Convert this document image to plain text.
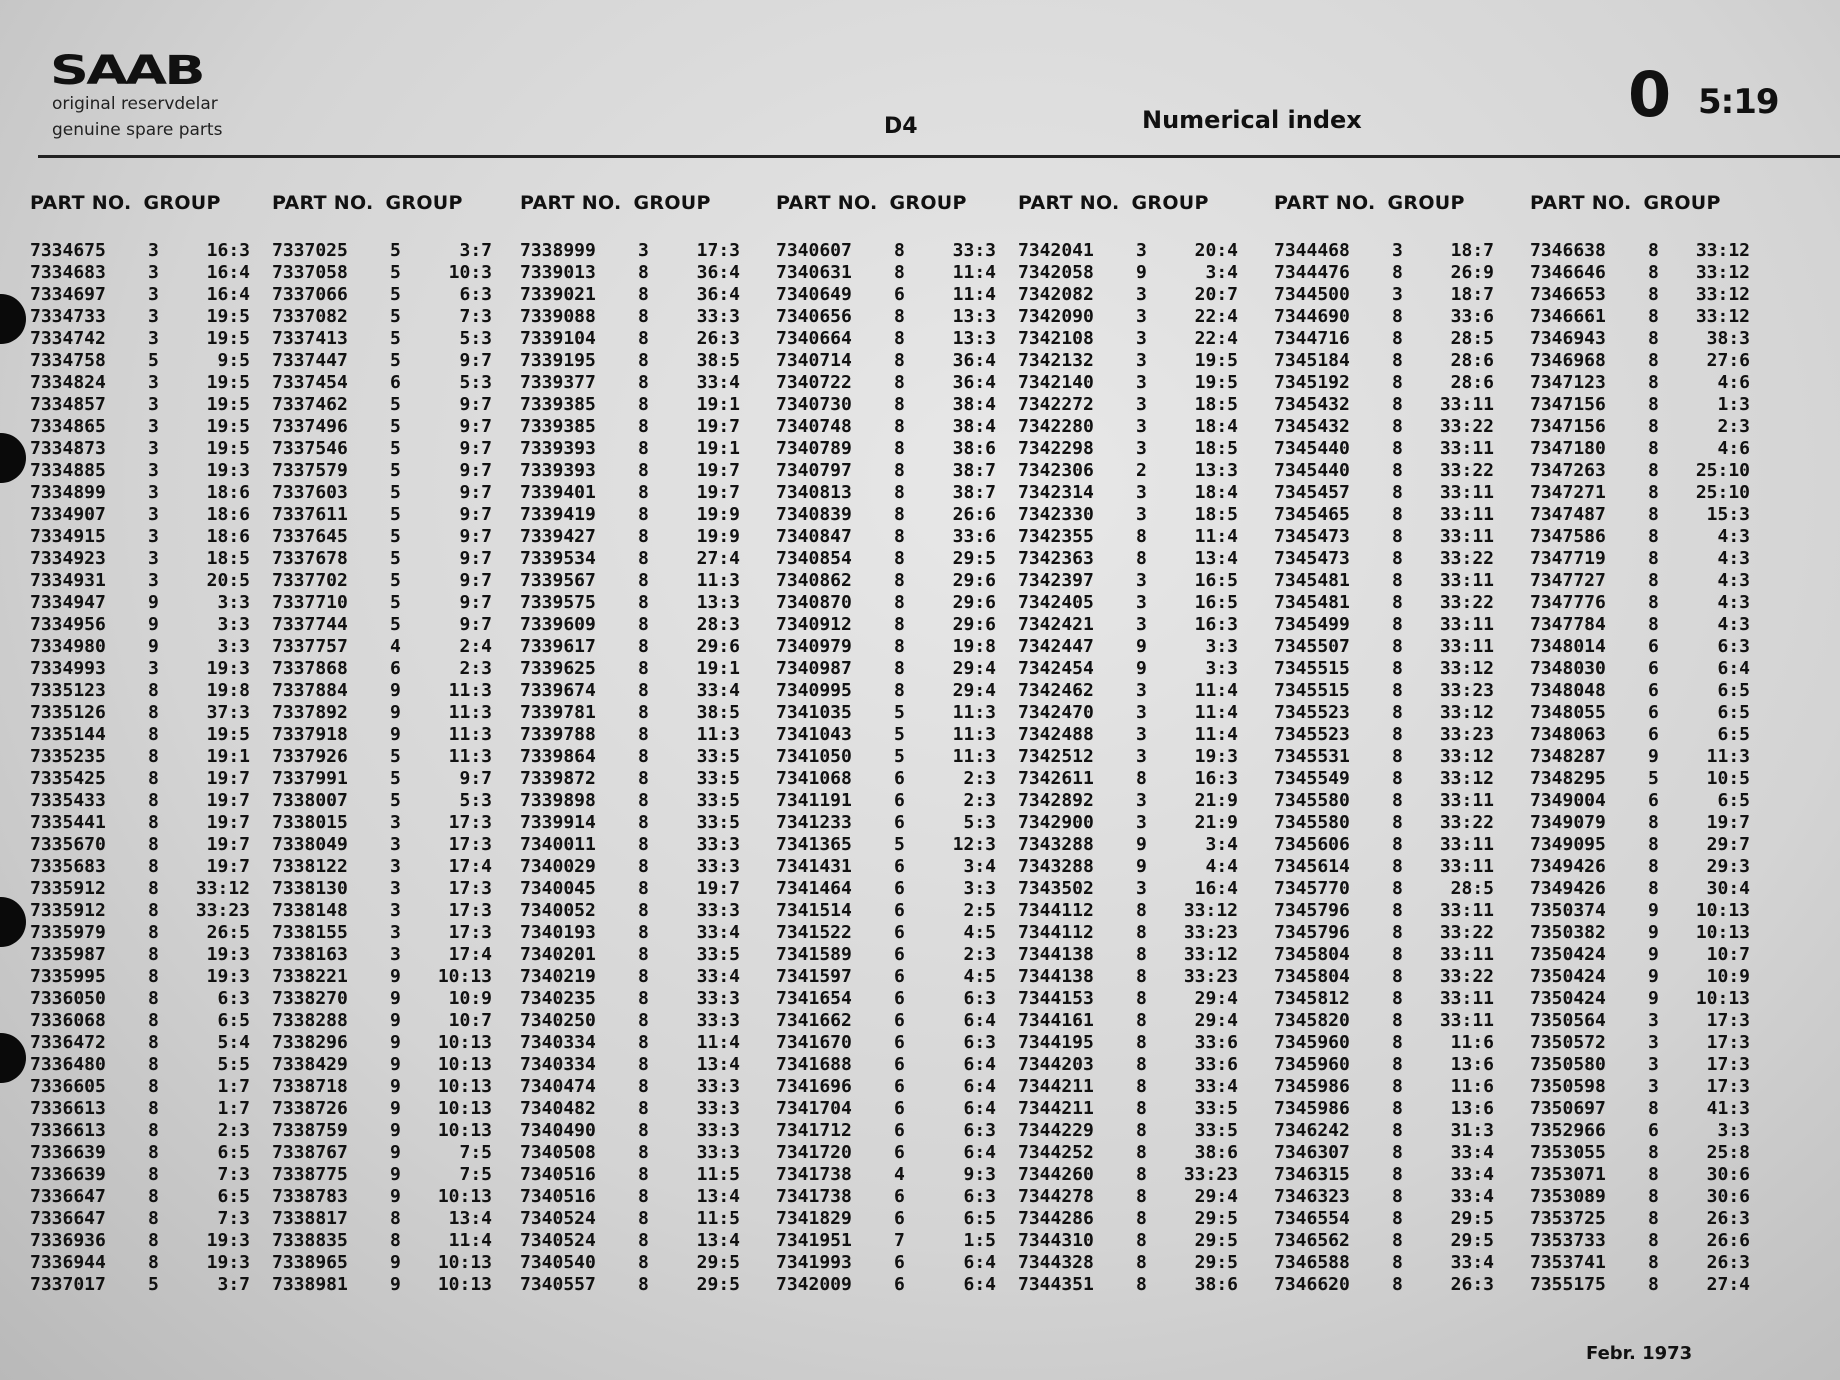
SAAB
original reservdelar
genuine spare parts	D4	Numerical index	0 5:19
PART NO. GROUP
7334675	3	16:3
7334683	3	16:4
7334697	3	16:4
7334733	3	19:5
7334742	3	19:5
7334758	5	9:5
7334824	3	19:5
7334857	3	19:5
7334865	3	19:5
7334873	3	19:5
7334885	3	19:3
7334899	3	18:6
7334907	3	18:6
7334915	3	18:6
7334923	3	18:5
7334931	3	20:5
7334947	9	3:3
7334956	9	3:3
7334980	9	3:3
7334993	3	19:3
7335123	8	19:8
7335126	8	37:3
7335144	8	19:5
7335235	8	19:1
7335425	8	19:7
7335433	8	19:7
7335441	8	19:7
7335670	8	19:7
7335683	8	19:7
7335912	8	33:12
7335912	8	33:23
7335979	8	26:5
7335987	8	19:3
7335995	8	19:3
7336050	8	6:3
7336068	8	6:5
7336472	8	5:4
7336480	8	5:5
7336605	8	1:7
7336613	8	1:7
7336613	8	2:3
7336639	8	6:5
7336639	8	7:3
7336647	8	6:5
7336647	8	7:3
7336936	8	19:3
7336944	8	19:3
7337017	5	3:7
PART NO. GROUP
7337025	5	3:7
7337058	5	10:3
7337066	5	6:3
7337082	5	7:3
7337413	5	5:3
7337447	5	9:7
7337454	6	5:3
7337462	5	9:7
7337496	5	9:7
7337546	5	9:7
7337579	5	9:7
7337603	5	9:7
7337611	5	9:7
7337645	5	9:7
7337678	5	9:7
7337702	5	9:7
7337710	5	9:7
7337744	5	9:7
7337757	4	2:4
7337868	6	2:3
7337884	9	11:3
7337892	9	11:3
7337918	9	11:3
7337926	5	11:3
7337991	5	9:7
7338007	5	5:3
7338015	3	17:3
7338049	3	17:3
7338122	3	17:4
7338130	3	17:3
7338148	3	17:3
7338155	3	17:3
7338163	3	17:4
7338221	9	10:13
7338270	9	10:9
7338288	9	10:7
7338296	9	10:13
7338429	9	10:13
7338718	9	10:13
7338726	9	10:13
7338759	9	10:13
7338767	9	7:5
7338775	9	7:5
7338783	9	10:13
7338817	8	13:4
7338835	8	11:4
7338965	9	10:13
7338981	9	10:13
PART NO. GROUP
7338999	3	17:3
7339013	8	36:4
7339021	8	36:4
7339088	8	33:3
7339104	8	26:3
7339195	8	38:5
7339377	8	33:4
7339385	8	19:1
7339385	8	19:7
7339393	8	19:1
7339393	8	19:7
7339401	8	19:7
7339419	8	19:9
7339427	8	19:9
7339534	8	27:4
7339567	8	11:3
7339575	8	13:3
7339609	8	28:3
7339617	8	29:6
7339625	8	19:1
7339674	8	33:4
7339781	8	38:5
7339788	8	11:3
7339864	8	33:5
7339872	8	33:5
7339898	8	33:5
7339914	8	33:5
7340011	8	33:3
7340029	8	33:3
7340045	8	19:7
7340052	8	33:3
7340193	8	33:4
7340201	8	33:5
7340219	8	33:4
7340235	8	33:3
7340250	8	33:3
7340334	8	11:4
7340334	8	13:4
7340474	8	33:3
7340482	8	33:3
7340490	8	33:3
7340508	8	33:3
7340516	8	11:5
7340516	8	13:4
7340524	8	11:5
7340524	8	13:4
7340540	8	29:5
7340557	8	29:5
PART NO. GROUP
7340607	8	33:3
7340631	8	11:4
7340649	6	11:4
7340656	8	13:3
7340664	8	13:3
7340714	8	36:4
7340722	8	36:4
7340730	8	38:4
7340748	8	38:4
7340789	8	38:6
7340797	8	38:7
7340813	8	38:7
7340839	8	26:6
7340847	8	33:6
7340854	8	29:5
7340862	8	29:6
7340870	8	29:6
7340912	8	29:6
7340979	8	19:8
7340987	8	29:4
7340995	8	29:4
7341035	5	11:3
7341043	5	11:3
7341050	5	11:3
7341068	6	2:3
7341191	6	2:3
7341233	6	5:3
7341365	5	12:3
7341431	6	3:4
7341464	6	3:3
7341514	6	2:5
7341522	6	4:5
7341589	6	2:3
7341597	6	4:5
7341654	6	6:3
7341662	6	6:4
7341670	6	6:3
7341688	6	6:4
7341696	6	6:4
7341704	6	6:4
7341712	6	6:3
7341720	6	6:4
7341738	4	9:3
7341738	6	6:3
7341829	6	6:5
7341951	7	1:5
7341993	6	6:4
7342009	6	6:4
PART NO. GROUP
7342041	3	20:4
7342058	9	3:4
7342082	3	20:7
7342090	3	22:4
7342108	3	22:4
7342132	3	19:5
7342140	3	19:5
7342272	3	18:5
7342280	3	18:4
7342298	3	18:5
7342306	2	13:3
7342314	3	18:4
7342330	3	18:5
7342355	8	11:4
7342363	8	13:4
7342397	3	16:5
7342405	3	16:5
7342421	3	16:3
7342447	9	3:3
7342454	9	3:3
7342462	3	11:4
7342470	3	11:4
7342488	3	11:4
7342512	3	19:3
7342611	8	16:3
7342892	3	21:9
7342900	3	21:9
7343288	9	3:4
7343288	9	4:4
7343502	3	16:4
7344112	8	33:12
7344112	8	33:23
7344138	8	33:12
7344138	8	33:23
7344153	8	29:4
7344161	8	29:4
7344195	8	33:6
7344203	8	33:6
7344211	8	33:4
7344211	8	33:5
7344229	8	33:5
7344252	8	38:6
7344260	8	33:23
7344278	8	29:4
7344286	8	29:5
7344310	8	29:5
7344328	8	29:5
7344351	8	38:6
PART NO. GROUP
7344468	3	18:7
7344476	8	26:9
7344500	3	18:7
7344690	8	33:6
7344716	8	28:5
7345184	8	28:6
7345192	8	28:6
7345432	8	33:11
7345432	8	33:22
7345440	8	33:11
7345440	8	33:22
7345457	8	33:11
7345465	8	33:11
7345473	8	33:11
7345473	8	33:22
7345481	8	33:11
7345481	8	33:22
7345499	8	33:11
7345507	8	33:11
7345515	8	33:12
7345515	8	33:23
7345523	8	33:12
7345523	8	33:23
7345531	8	33:12
7345549	8	33:12
7345580	8	33:11
7345580	8	33:22
7345606	8	33:11
7345614	8	33:11
7345770	8	28:5
7345796	8	33:11
7345796	8	33:22
7345804	8	33:11
7345804	8	33:22
7345812	8	33:11
7345820	8	33:11
7345960	8	11:6
7345960	8	13:6
7345986	8	11:6
7345986	8	13:6
7346242	8	31:3
7346307	8	33:4
7346315	8	33:4
7346323	8	33:4
7346554	8	29:5
7346562	8	29:5
7346588	8	33:4
7346620	8	26:3
PART NO. GROUP
7346638	8	33:12
7346646	8	33:12
7346653	8	33:12
7346661	8	33:12
7346943	8	38:3
7346968	8	27:6
7347123	8	4:6
7347156	8	1:3
7347156	8	2:3
7347180	8	4:6
7347263	8	25:10
7347271	8	25:10
7347487	8	15:3
7347586	8	4:3
7347719	8	4:3
7347727	8	4:3
7347776	8	4:3
7347784	8	4:3
7348014	6	6:3
7348030	6	6:4
7348048	6	6:5
7348055	6	6:5
7348063	6	6:5
7348287	9	11:3
7348295	5	10:5
7349004	6	6:5
7349079	8	19:7
7349095	8	29:7
7349426	8	29:3
7349426	8	30:4
7350374	9	10:13
7350382	9	10:13
7350424	9	10:7
7350424	9	10:9
7350424	9	10:13
7350564	3	17:3
7350572	3	17:3
7350580	3	17:3
7350598	3	17:3
7350697	8	41:3
7352966	6	3:3
7353055	8	25:8
7353071	8	30:6
7353089	8	30:6
7353725	8	26:3
7353733	8	26:6
7353741	8	26:3
7355175	8	27:4
Febr. 1973
